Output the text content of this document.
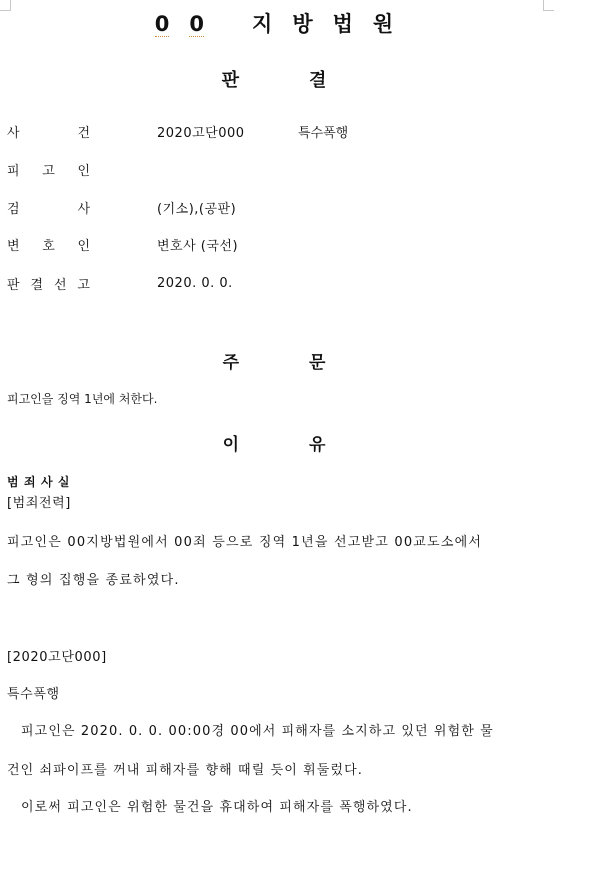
0 0 지 방 법 원
판	결
사	건	2020고단000	특수폭행
피 고 인
검	사	(기소),(공판)
변 호 인	변호사 (국선)
판 결 선 고	2020. 0. 0.
주	문
피고인을 징역 1년에 처한다.
이	유
범 죄 사 실
[범죄전력]
피고인은 00지방법원에서 00죄 등으로 징역 1년을 선고받고 00교도소에서
그 형의 집행을 종료하였다.
[2020고단000]
특수폭행
피고인은 2020. 0. 0. 00:00경 00에서 피해자를 소지하고 있던 위험한 물
건인 쇠파이프를 꺼내 피해자를 향해 때릴 듯이 휘둘렀다.
이로써 피고인은 위험한 물건을 휴대하여 피해자를 폭행하였다.
